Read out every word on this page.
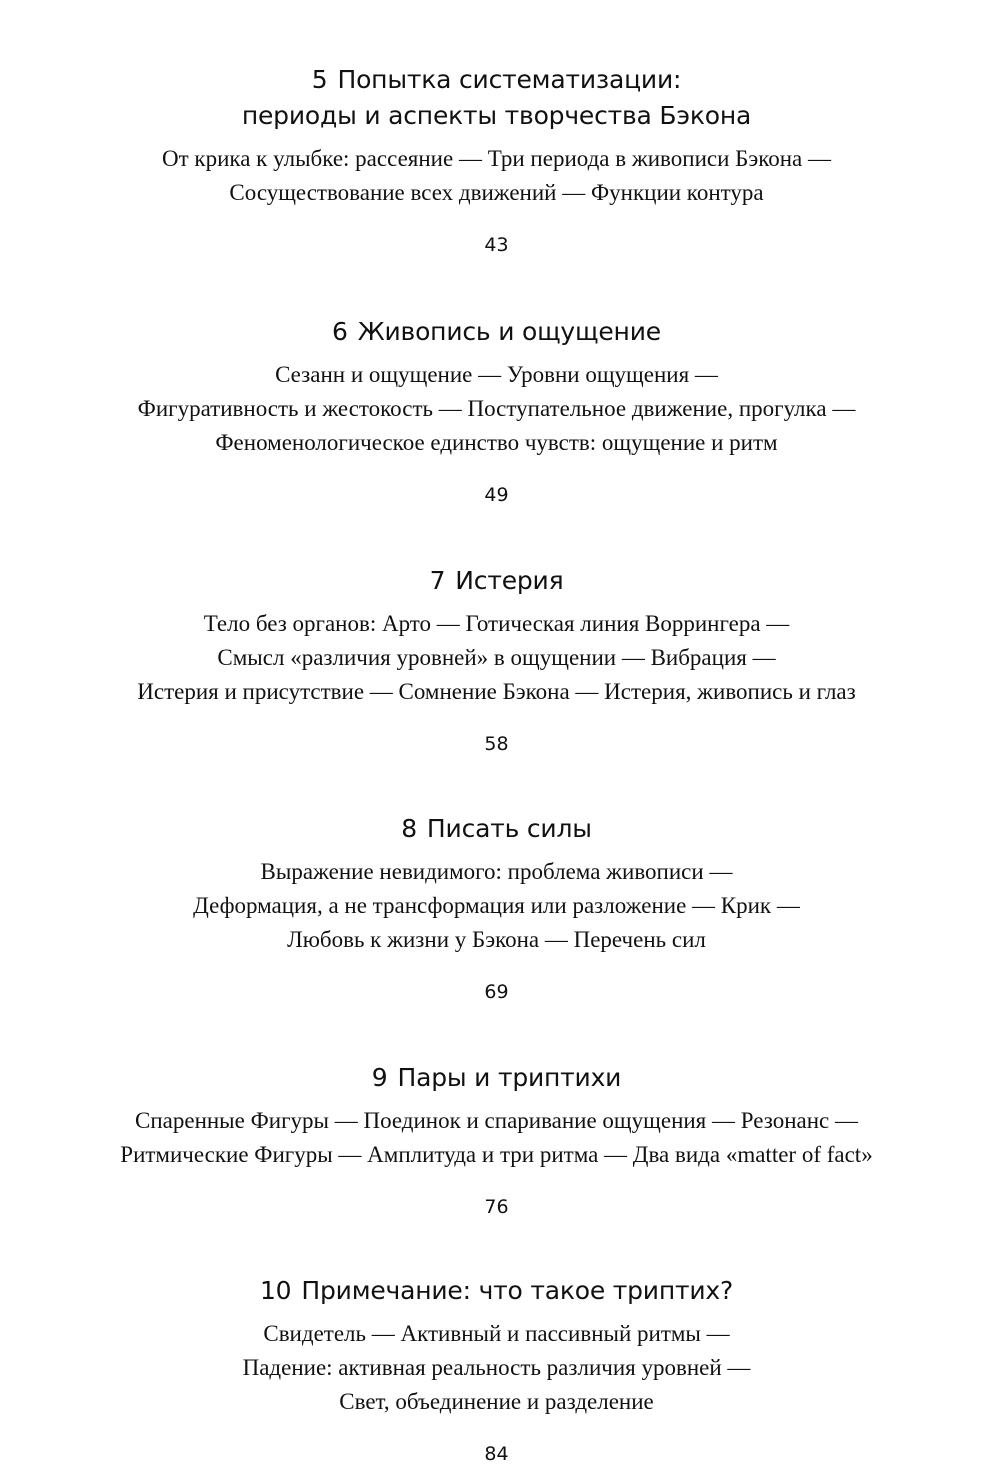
5 Попытка систематизации:
периоды и аспекты творчества Бэкона

От крика к улыбке: рассеяние — Три периода в живописи Бэкона —

Сосуществование всех движений — Функции контура

43
6 Живопись и ощущение

Сезанн и ощущение — Уровни ощущения —

Фигуративность и жестокость — Поступательное движение, прогулка —

Феноменологическое единство чувств: ощущение и ритм

49
7 Истерия

Тело без органов: Арто — Готическая линия Воррингера —

Смысл «различия уровней» в ощущении — Вибрация —

Истерия и присутствие — Сомнение Бэкона — Истерия, живопись и глаз

58
8 Писать силы

Выражение невидимого: проблема живописи —

Деформация, а не трансформация или разложение — Крик —

Любовь к жизни у Бэкона — Перечень сил

69
9 Пары и триптихи

Спаренные Фигуры — Поединок и спаривание ощущения — Резонанс —

Ритмические Фигуры — Амплитуда и три ритма — Два вида «matter of fact»

76
10 Примечание: что такое триптих?

Свидетель — Активный и пассивный ритмы —

Падение: активная реальность различия уровней —

Свет, объединение и разделение

84
